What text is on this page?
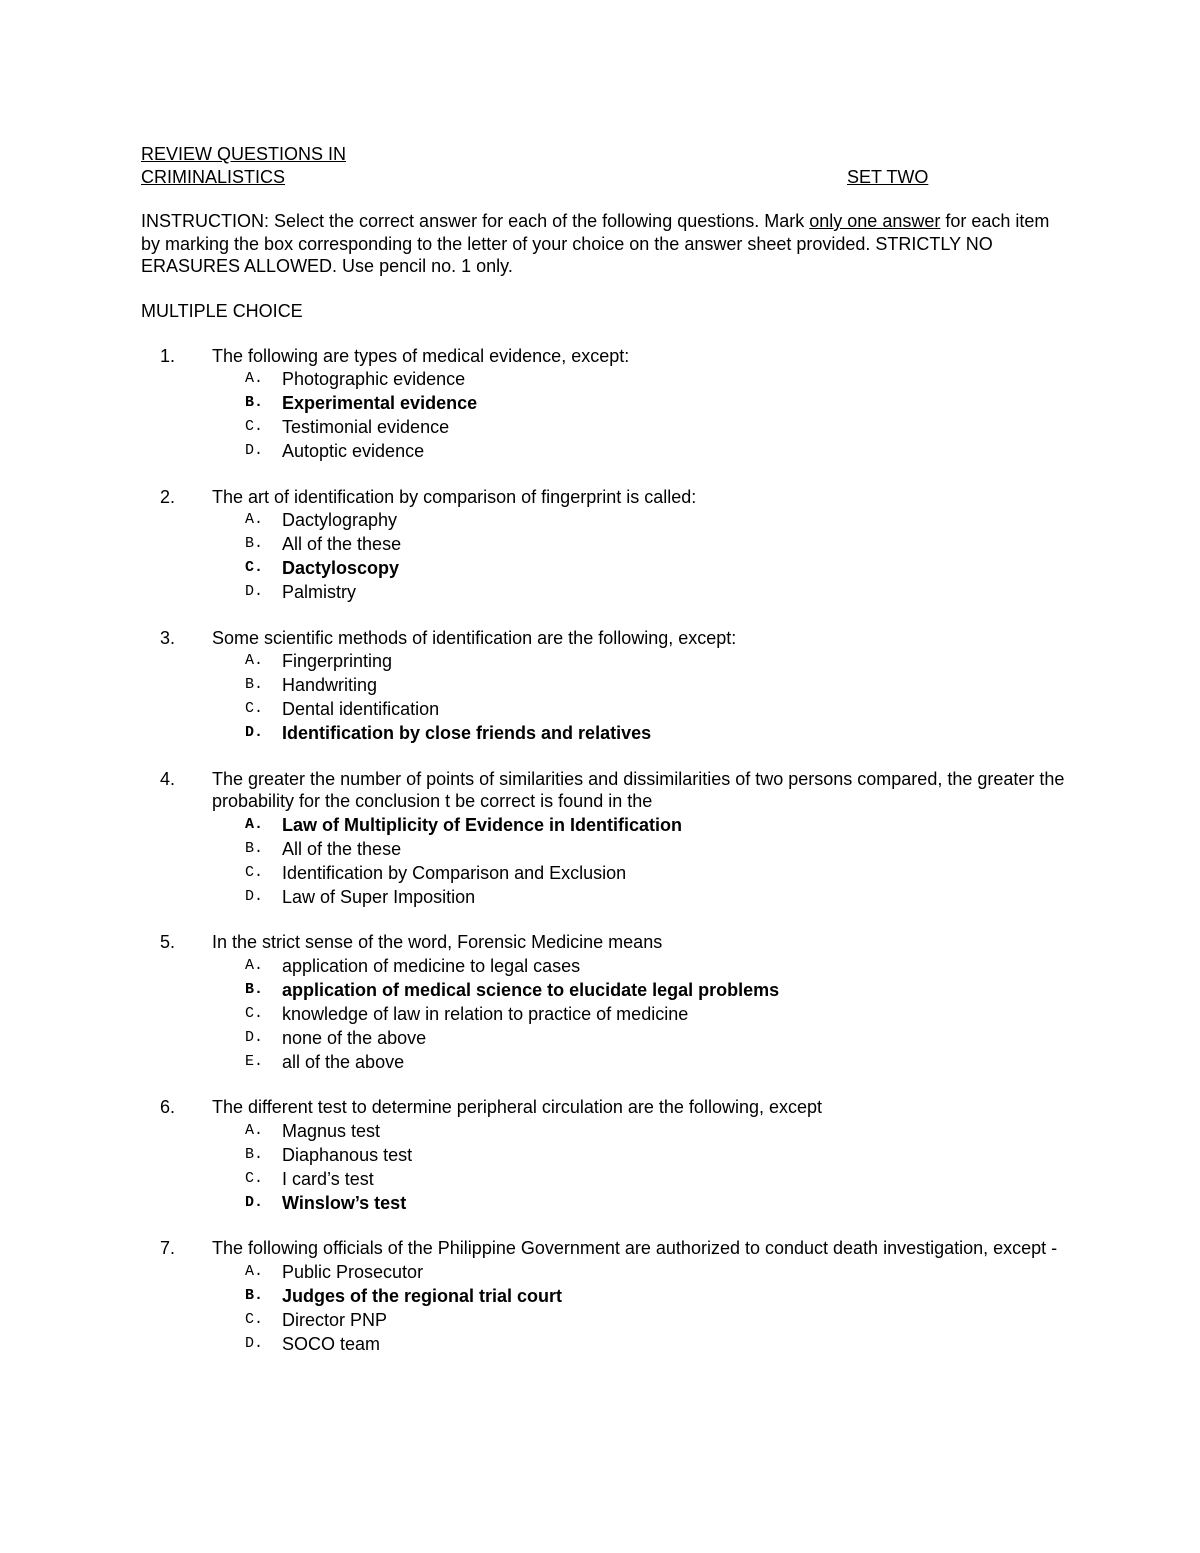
REVIEW QUESTIONS IN
CRIMINALISTICS	SET TWO
INSTRUCTION: Select the correct answer for each of the following questions. Mark only one answer for each item by marking the box corresponding to the letter of your choice on the answer sheet provided. STRICTLY NO ERASURES ALLOWED. Use pencil no. 1 only.
MULTIPLE CHOICE
1. The following are types of medical evidence, except:
A. Photographic evidence
B. Experimental evidence
C. Testimonial evidence
D. Autoptic evidence
2. The art of identification by comparison of fingerprint is called:
A. Dactylography
B. All of the these
C. Dactyloscopy
D. Palmistry
3. Some scientific methods of identification are the following, except:
A. Fingerprinting
B. Handwriting
C. Dental identification
D. Identification by close friends and relatives
4. The greater the number of points of similarities and dissimilarities of two persons compared, the greater the probability for the conclusion t be correct is found in the
A. Law of Multiplicity of Evidence in Identification
B. All of the these
C. Identification by Comparison and Exclusion
D. Law of Super Imposition
5. In the strict sense of the word, Forensic Medicine means
A. application of medicine to legal cases
B. application of medical science to elucidate legal problems
C. knowledge of law in relation to practice of medicine
D. none of the above
E. all of the above
6. The different test to determine peripheral circulation are the following, except
A. Magnus test
B. Diaphanous test
C. I card’s test
D. Winslow’s test
7. The following officials of the Philippine Government are authorized to conduct death investigation, except -
A. Public Prosecutor
B. Judges of the regional trial court
C. Director PNP
D. SOCO team
